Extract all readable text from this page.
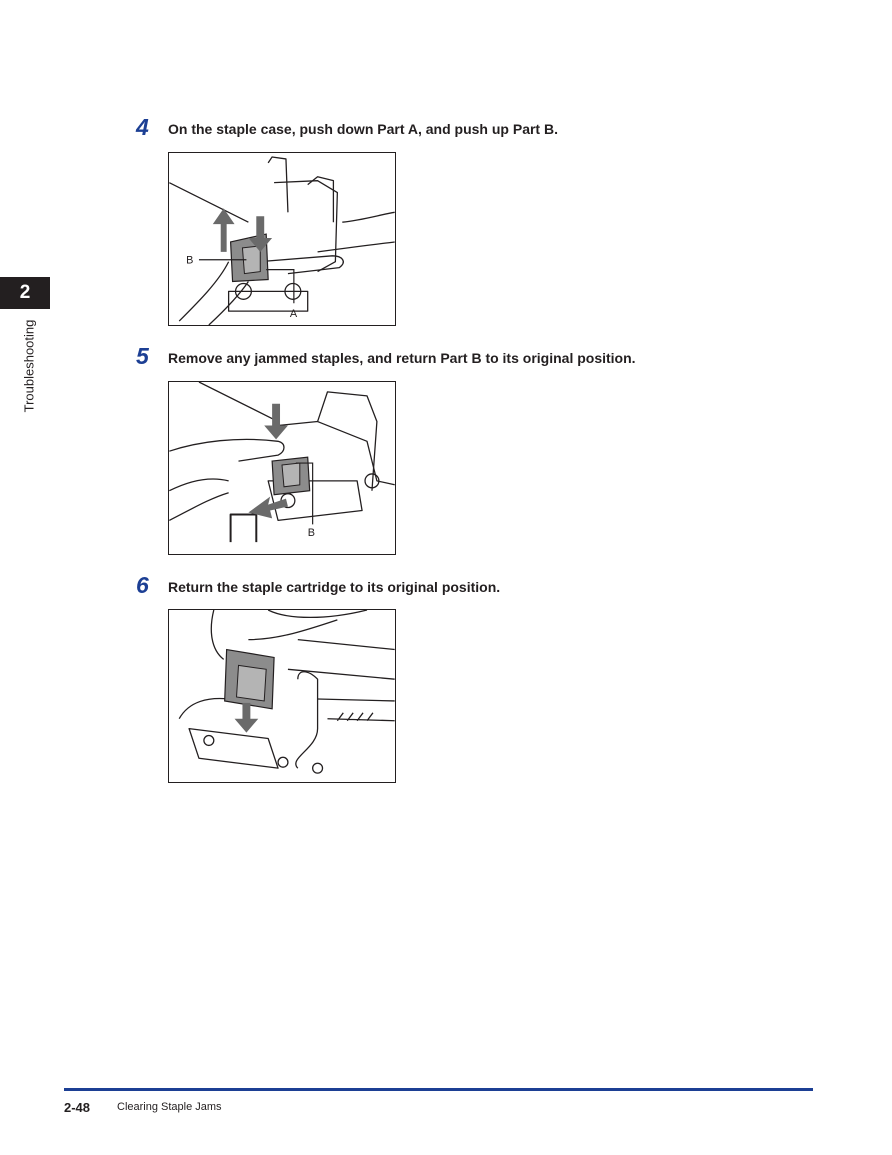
2
Troubleshooting
4	On the staple case, push down Part A, and push up Part B.
B
A
5	Remove any jammed staples, and return Part B to its original position.
B
6	Return the staple cartridge to its original position.
2-48 Clearing Staple Jams
